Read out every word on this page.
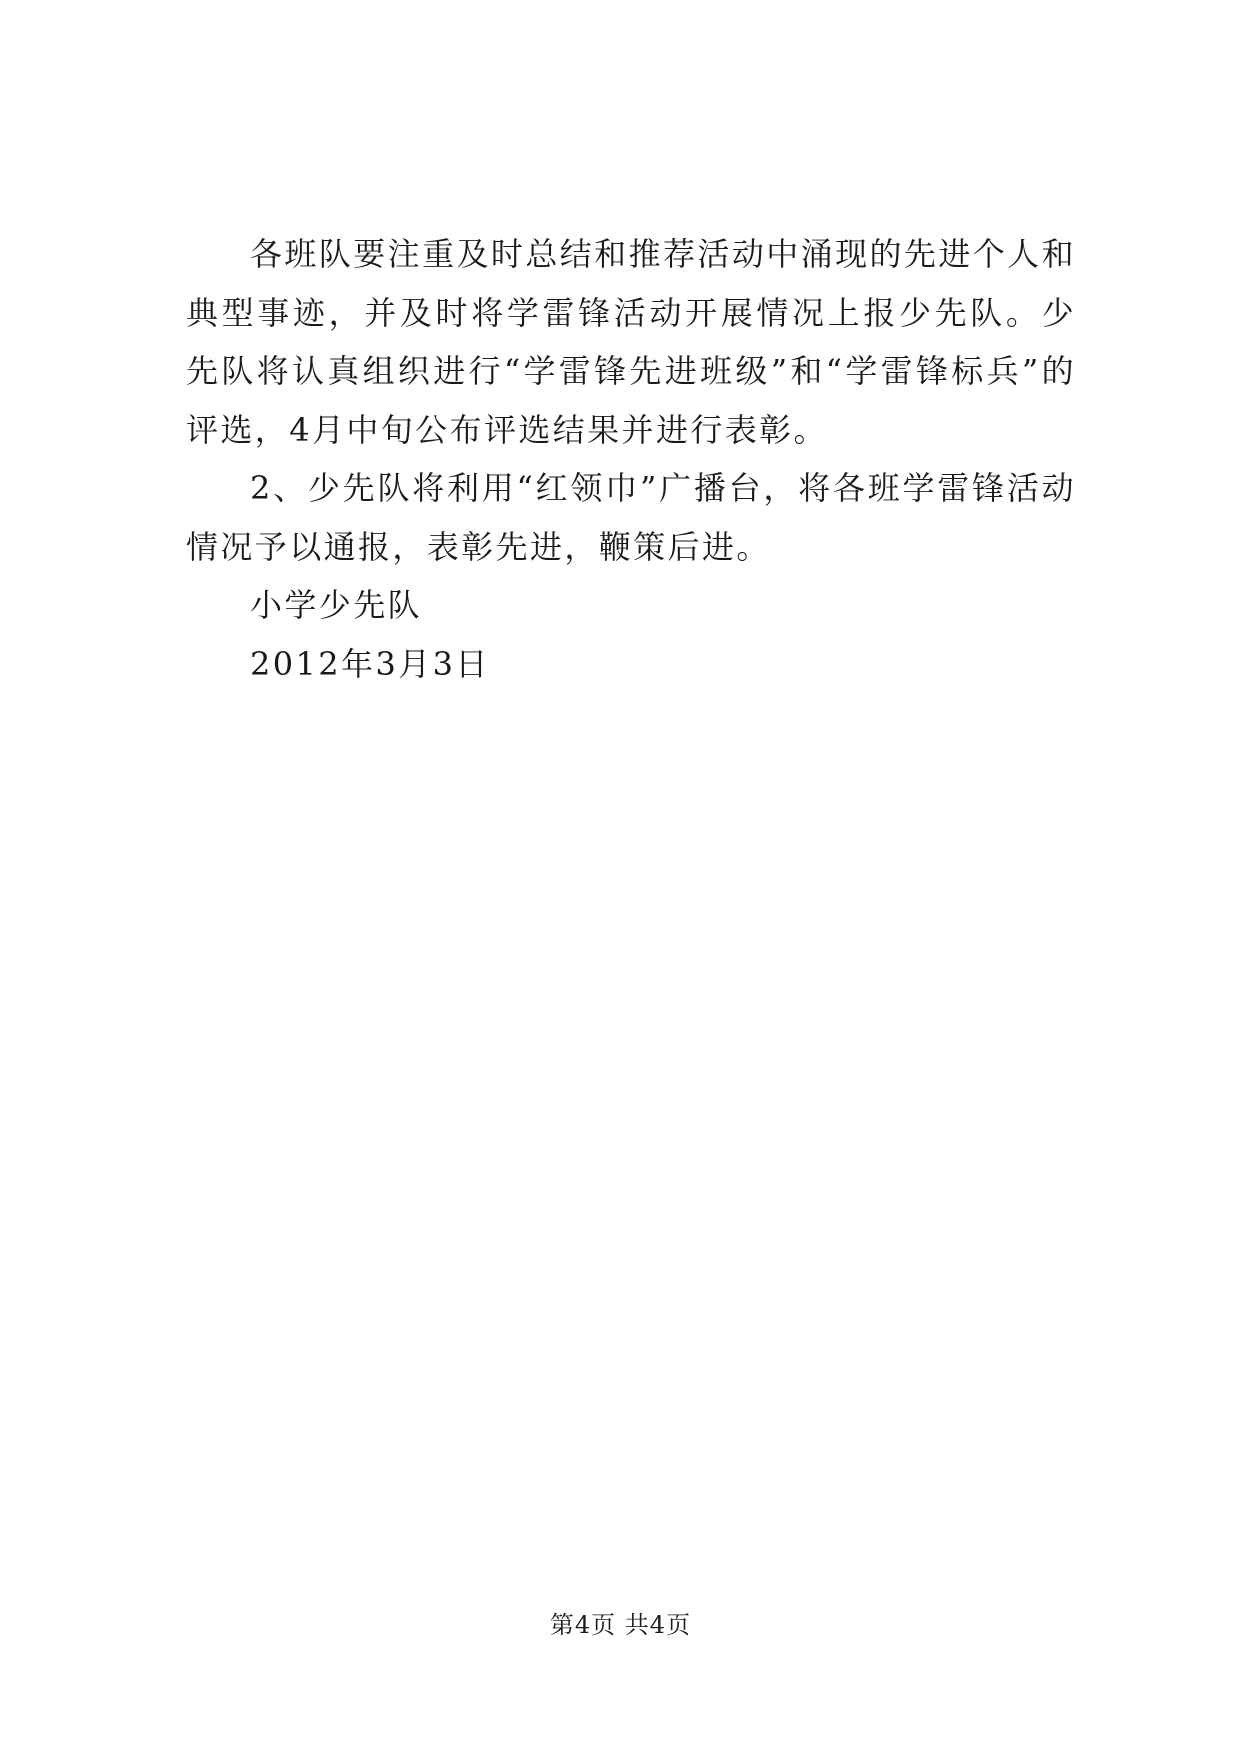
各班队要注重及时总结和推荐活动中涌现的先进个人和典型事迹，并及时将学雷锋活动开展情况上报少先队。少先队将认真组织进行“学雷锋先进班级”和“学雷锋标兵”的评选，4月中旬公布评选结果并进行表彰。

2、少先队将利用“红领巾”广播台，将各班学雷锋活动情况予以通报，表彰先进，鞭策后进。

小学少先队

2012年3月3日

第4页 共4页
